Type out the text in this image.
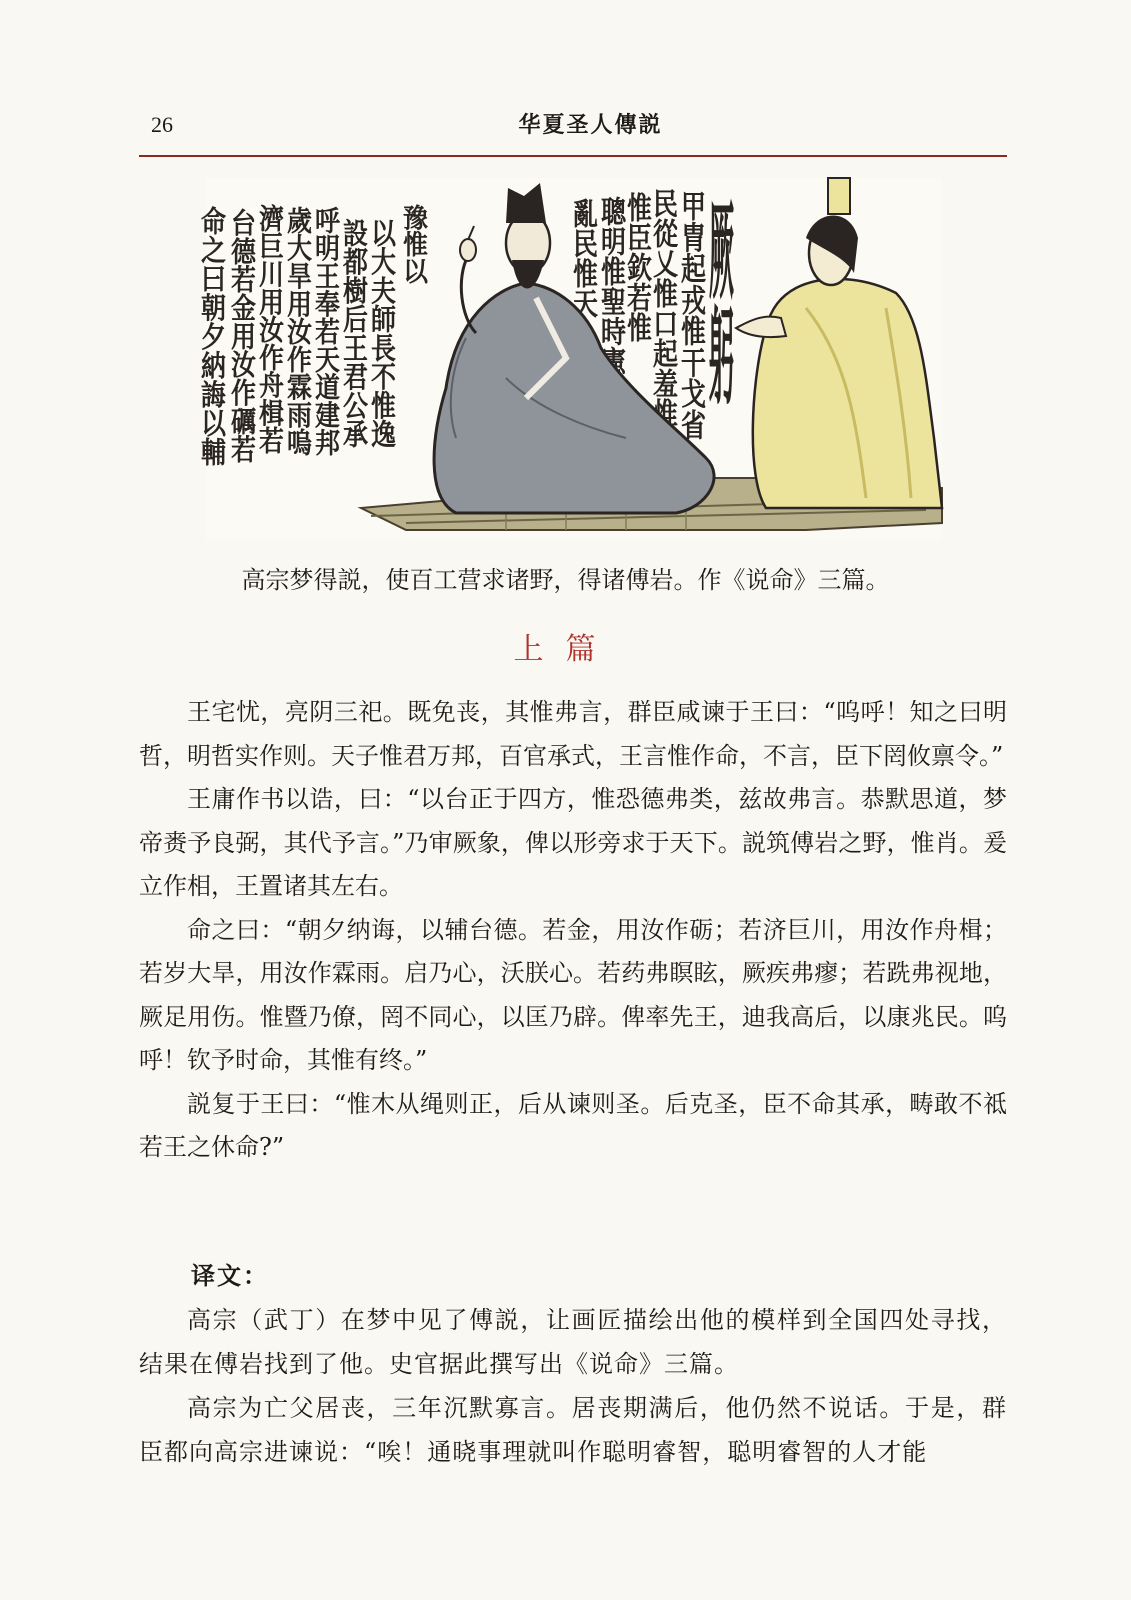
26	华夏圣人傳説
命之曰朝夕納誨以輔 台德若金用汝作礪若 濟巨川用汝作舟楫若 歲大旱用汝作霖雨嗚 呼明王奉若天道建邦 設都樹后王君公承 以大夫師長不惟逸 豫惟以	亂民惟天 聰明惟聖時憲
惟臣欽若惟
民從乂惟口起羞惟 甲胄起戎惟干戈省 厥躬
高宗梦得説，使百工营求诸野，得诸傅岩。作《说命》三篇。
上篇

王宅忧，亮阴三祀。既免丧，其惟弗言，群臣咸谏于王曰：“呜呼！知之曰明哲，明哲实作则。天子惟君万邦，百官承式，王言惟作命，不言，臣下罔攸禀令。”

王庸作书以诰，曰：“以台正于四方，惟恐德弗类，兹故弗言。恭默思道，梦帝赉予良弼，其代予言。”乃审厥象，俾以形旁求于天下。説筑傅岩之野，惟肖。爰立作相，王置诸其左右。

命之曰：“朝夕纳诲，以辅台德。若金，用汝作砺；若济巨川，用汝作舟楫；若岁大旱，用汝作霖雨。启乃心，沃朕心。若药弗瞑眩，厥疾弗瘳；若跣弗视地，厥足用伤。惟暨乃僚，罔不同心，以匡乃辟。俾率先王，迪我高后，以康兆民。呜呼！钦予时命，其惟有终。”

説复于王曰：“惟木从绳则正，后从谏则圣。后克圣，臣不命其承，畴敢不祗若王之休命?”

译文：

高宗（武丁）在梦中见了傅説，让画匠描绘出他的模样到全国四处寻找，结果在傅岩找到了他。史官据此撰写出《说命》三篇。

高宗为亡父居丧，三年沉默寡言。居丧期满后，他仍然不说话。于是，群臣都向高宗进谏说：“唉！通晓事理就叫作聪明睿智，聪明睿智的人才能
